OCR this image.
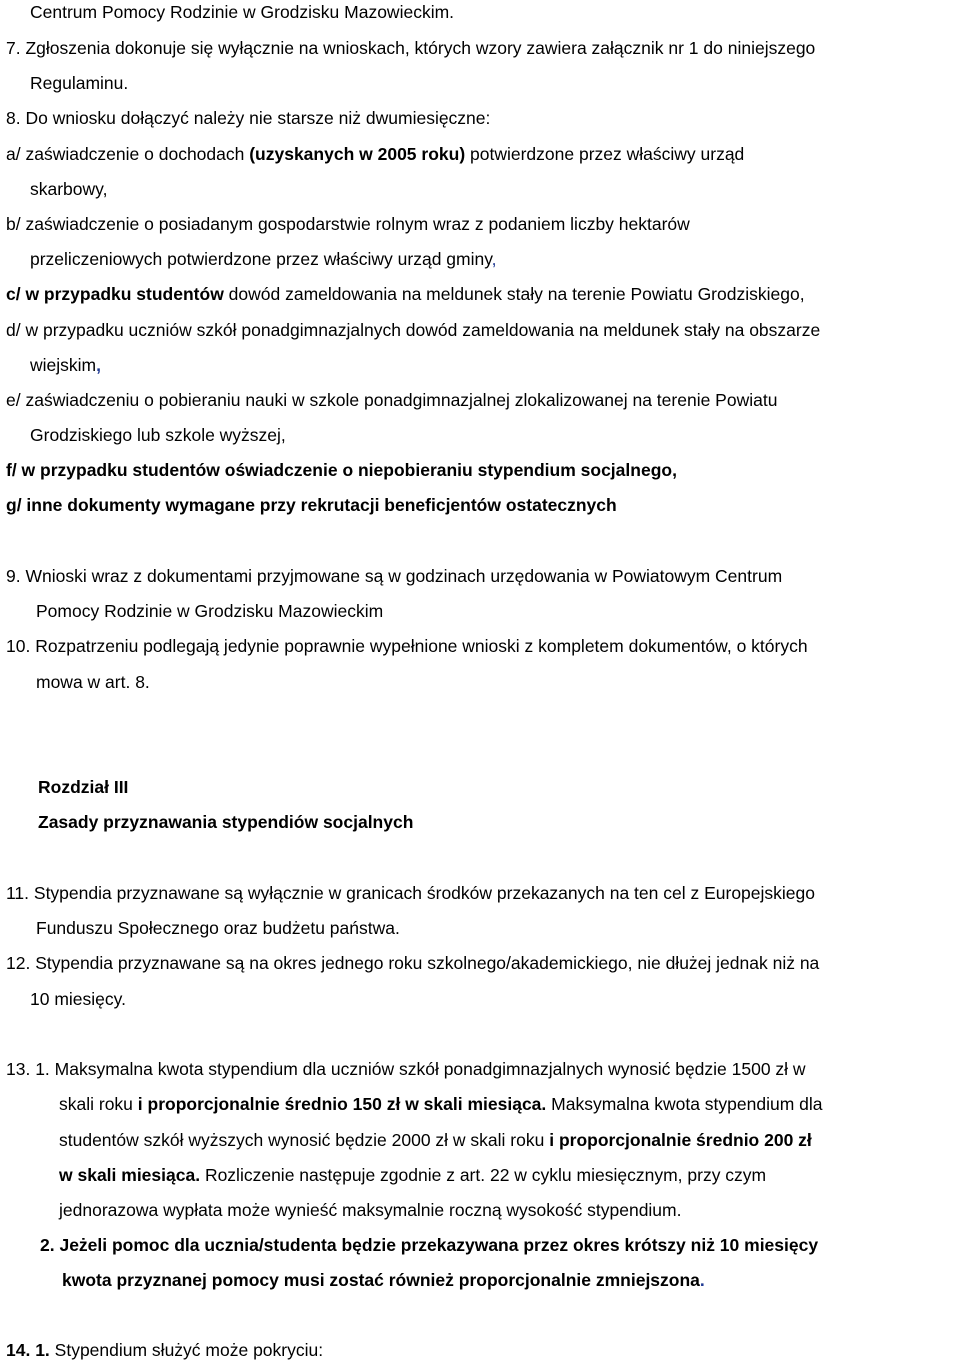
Centrum Pomocy Rodzinie w Grodzisku Mazowieckim.
7. Zgłoszenia dokonuje się wyłącznie na wnioskach, których wzory zawiera załącznik nr 1 do niniejszego
Regulaminu.
8. Do wniosku dołączyć należy nie starsze niż dwumiesięczne:
a/ zaświadczenie o dochodach (uzyskanych w 2005 roku) potwierdzone przez właściwy urząd
skarbowy,
b/ zaświadczenie o posiadanym gospodarstwie rolnym wraz z podaniem liczby hektarów
przeliczeniowych potwierdzone przez właściwy urząd gminy,
c/ w przypadku studentów dowód zameldowania na meldunek stały na terenie Powiatu Grodziskiego,
d/ w przypadku uczniów szkół ponadgimnazjalnych dowód zameldowania na meldunek stały na obszarze
wiejskim,
e/ zaświadczeniu o pobieraniu nauki w szkole ponadgimnazjalnej zlokalizowanej na terenie Powiatu
Grodziskiego lub szkole wyższej,
f/ w przypadku studentów oświadczenie o niepobieraniu stypendium socjalnego,
g/ inne dokumenty wymagane przy rekrutacji beneficjentów ostatecznych
9. Wnioski wraz z dokumentami przyjmowane są w godzinach urzędowania w Powiatowym Centrum
Pomocy Rodzinie w Grodzisku Mazowieckim
10. Rozpatrzeniu podlegają jedynie poprawnie wypełnione wnioski z kompletem dokumentów, o których
mowa w art. 8.
Rozdział III
Zasady przyznawania stypendiów socjalnych
11. Stypendia przyznawane są wyłącznie w granicach środków przekazanych na ten cel z Europejskiego
Funduszu Społecznego oraz budżetu państwa.
12. Stypendia przyznawane są na okres jednego roku szkolnego/akademickiego, nie dłużej jednak niż na
10 miesięcy.
13. 1. Maksymalna kwota stypendium dla uczniów szkół ponadgimnazjalnych wynosić będzie 1500 zł w
skali roku i proporcjonalnie średnio 150 zł w skali miesiąca. Maksymalna kwota stypendium dla
studentów szkół wyższych wynosić będzie 2000 zł w skali roku i proporcjonalnie średnio 200 zł
w skali miesiąca. Rozliczenie następuje zgodnie z art. 22 w cyklu miesięcznym, przy czym
jednorazowa wypłata może wynieść maksymalnie roczną wysokość stypendium.
2. Jeżeli pomoc dla ucznia/studenta będzie przekazywana przez okres krótszy niż 10 miesięcy
kwota przyznanej pomocy musi zostać również proporcjonalnie zmniejszona.
14. 1. Stypendium służyć może pokryciu:
